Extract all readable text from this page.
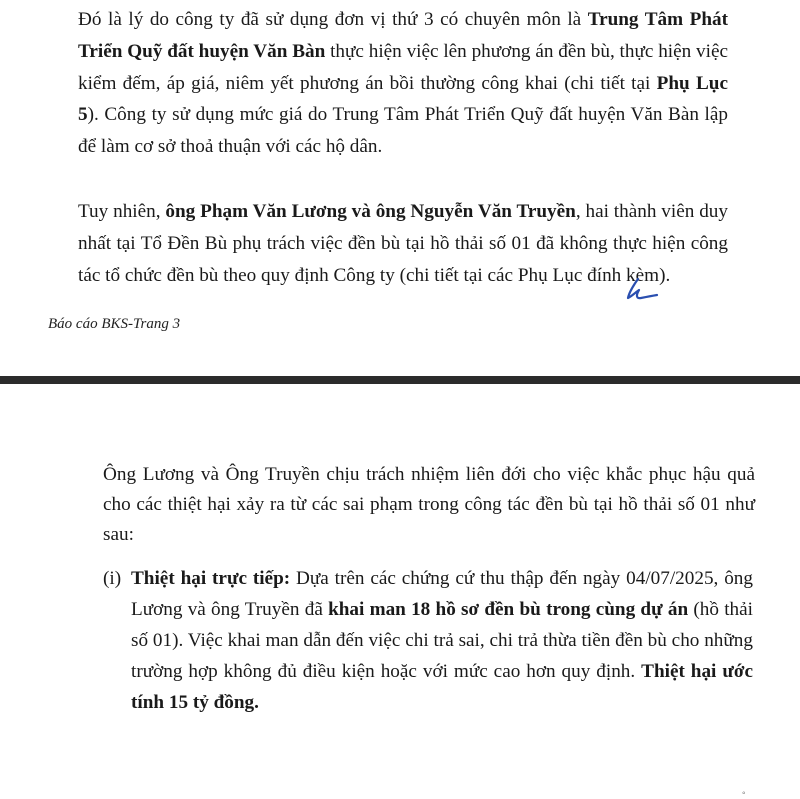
Đó là lý do công ty đã sử dụng đơn vị thứ 3 có chuyên môn là Trung Tâm Phát Triển Quỹ đất huyện Văn Bàn thực hiện việc lên phương án đền bù, thực hiện việc kiểm đếm, áp giá, niêm yết phương án bồi thường công khai (chi tiết tại Phụ Lục 5). Công ty sử dụng mức giá do Trung Tâm Phát Triển Quỹ đất huyện Văn Bàn lập để làm cơ sở thoả thuận với các hộ dân.

Tuy nhiên, ông Phạm Văn Lương và ông Nguyễn Văn Truyền, hai thành viên duy nhất tại Tổ Đền Bù phụ trách việc đền bù tại hồ thải số 01 đã không thực hiện công tác tổ chức đền bù theo quy định Công ty (chi tiết tại các Phụ Lục đính kèm).

Báo cáo BKS-Trang 3
◦

Ông Lương và Ông Truyền chịu trách nhiệm liên đới cho việc khắc phục hậu quả cho các thiệt hại xảy ra từ các sai phạm trong công tác đền bù tại hồ thải số 01 như sau:

(i) Thiệt hại trực tiếp: Dựa trên các chứng cứ thu thập đến ngày 04/07/2025, ông Lương và ông Truyền đã khai man 18 hồ sơ đền bù trong cùng dự án (hồ thải số 01). Việc khai man dẫn đến việc chi trả sai, chi trả thừa tiền đền bù cho những trường hợp không đủ điều kiện hoặc với mức cao hơn quy định. Thiệt hại ước tính 15 tỷ đồng.
